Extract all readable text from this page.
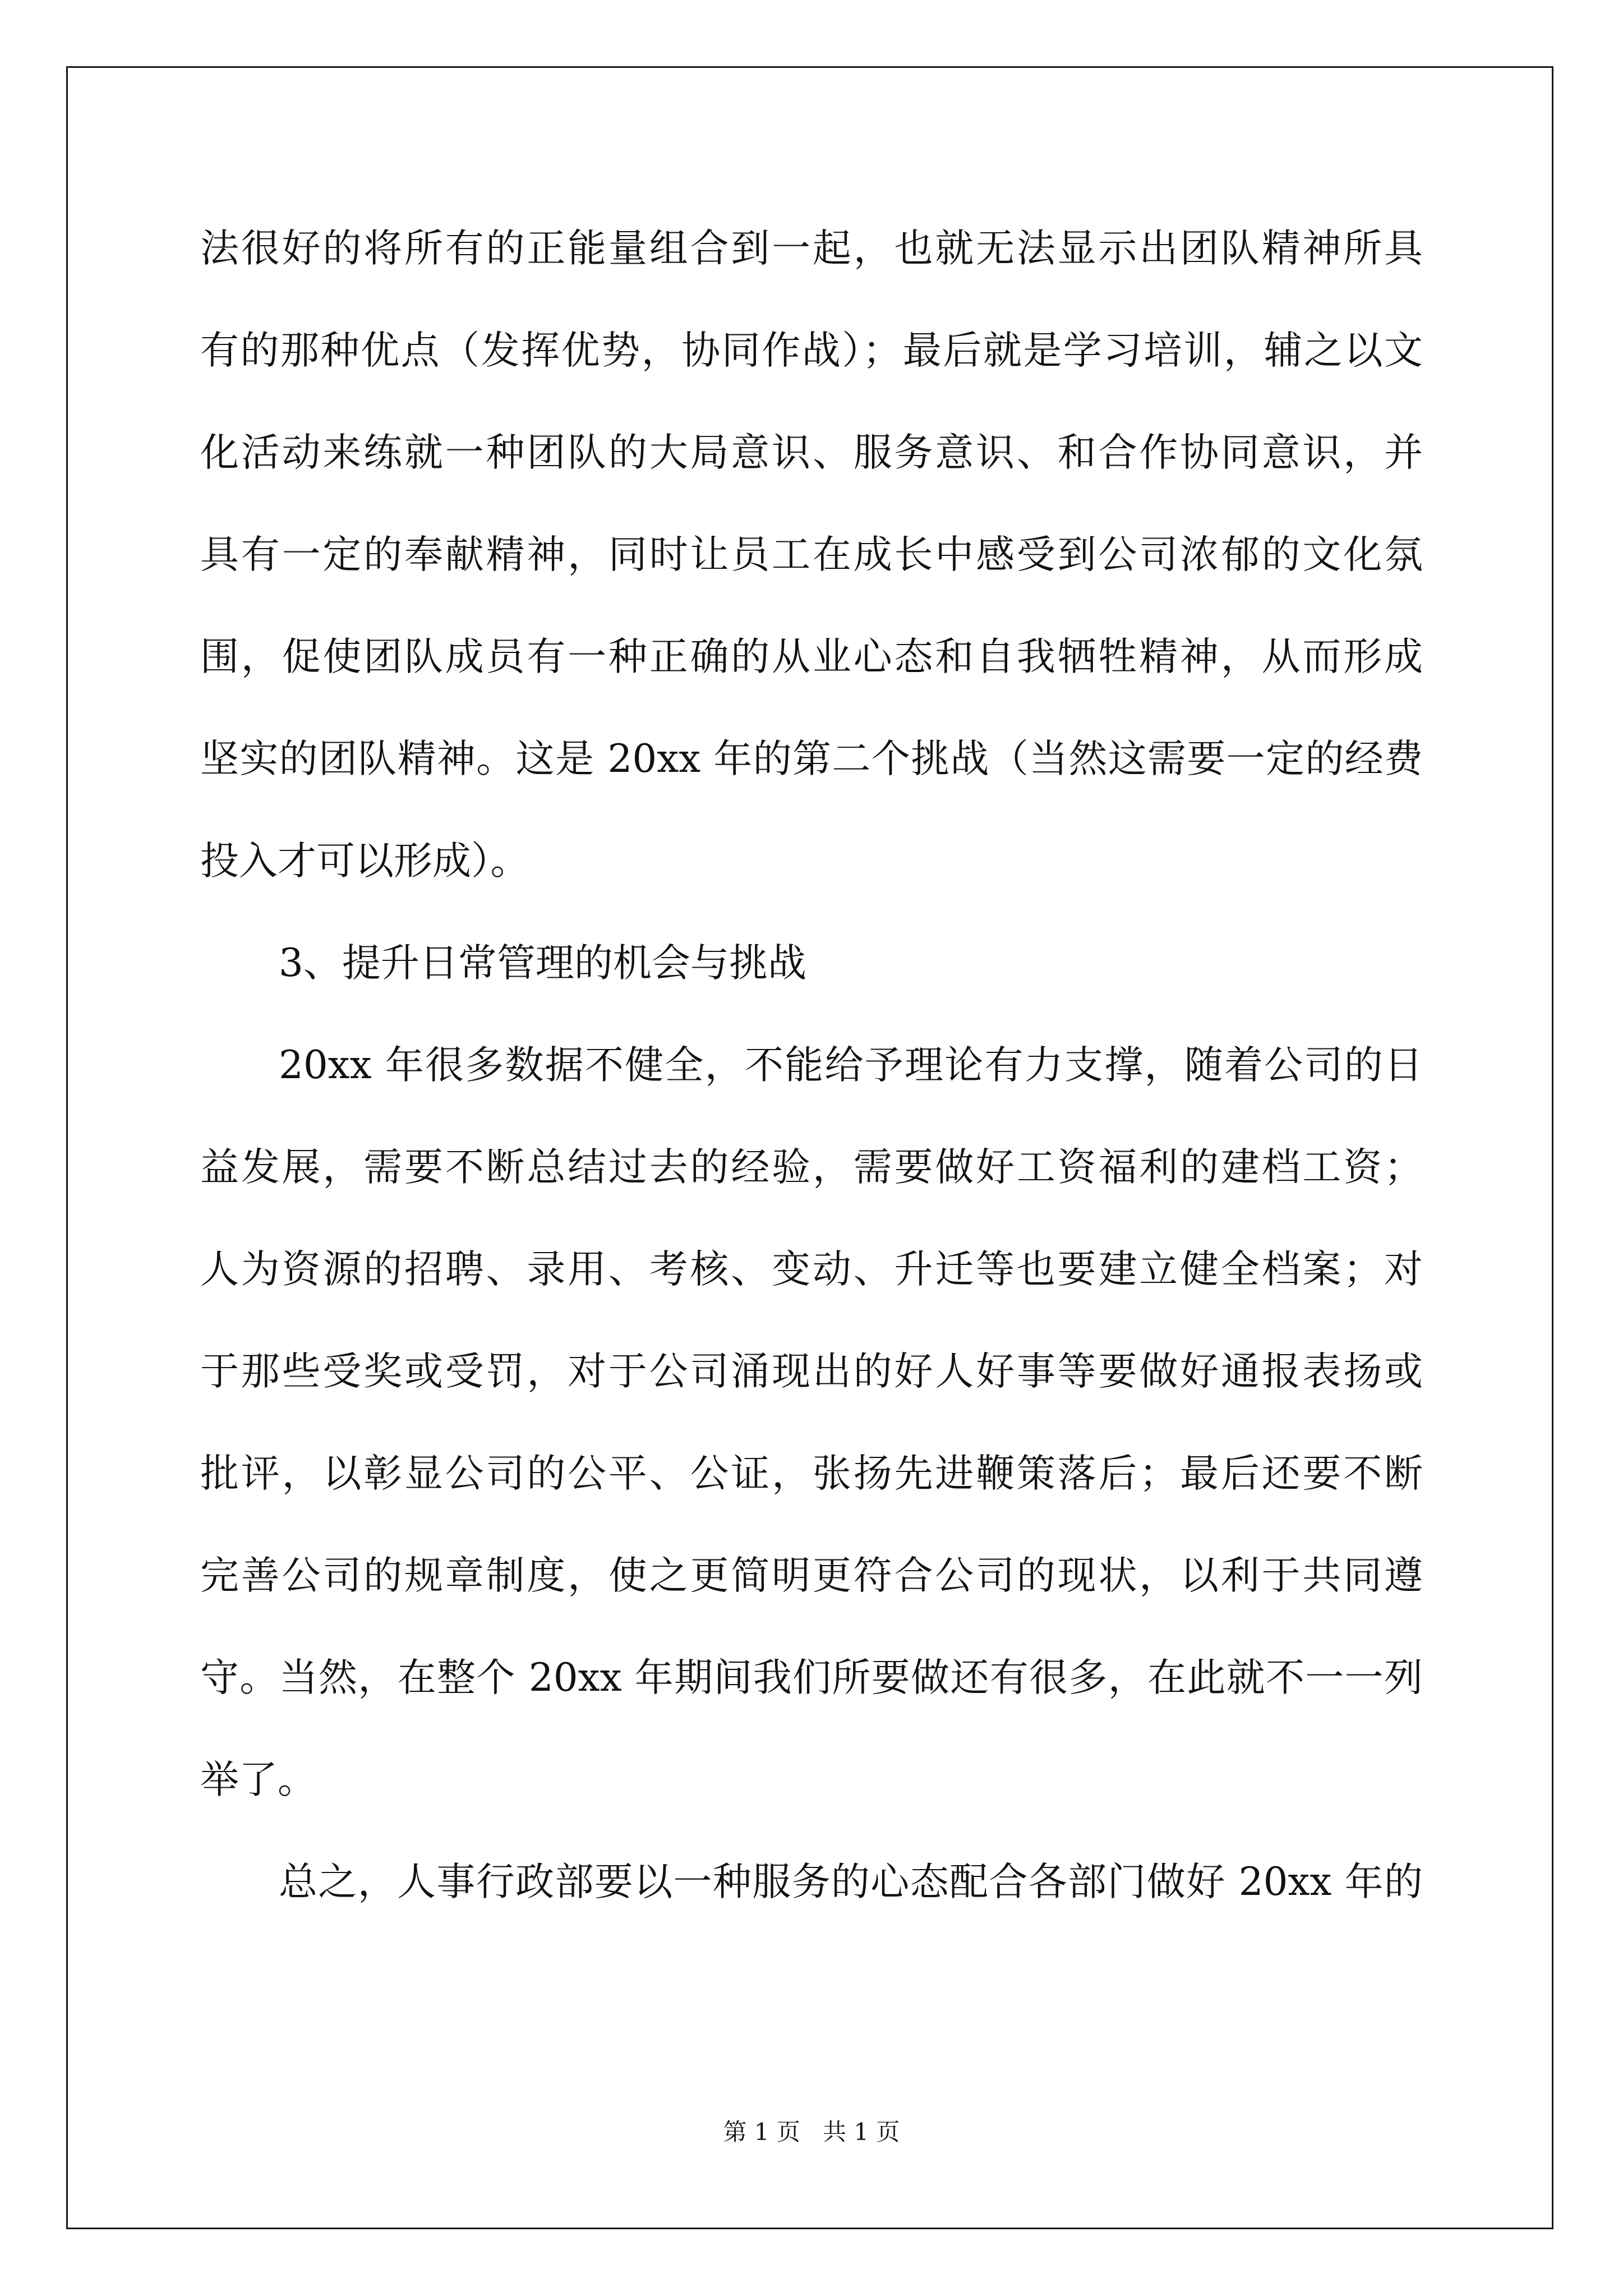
法很好的将所有的正能量组合到一起，也就无法显示出团队精神所具
有的那种优点（发挥优势，协同作战）；最后就是学习培训，辅之以文
化活动来练就一种团队的大局意识、服务意识、和合作协同意识，并
具有一定的奉献精神，同时让员工在成长中感受到公司浓郁的文化氛
围，促使团队成员有一种正确的从业心态和自我牺牲精神，从而形成
坚实的团队精神。这是 20xx 年的第二个挑战（当然这需要一定的经费
投入才可以形成）。
3、提升日常管理的机会与挑战
20xx 年很多数据不健全，不能给予理论有力支撑，随着公司的日
益发展，需要不断总结过去的经验，需要做好工资福利的建档工资；
人为资源的招聘、录用、考核、变动、升迁等也要建立健全档案；对
于那些受奖或受罚，对于公司涌现出的好人好事等要做好通报表扬或
批评，以彰显公司的公平、公证，张扬先进鞭策落后；最后还要不断
完善公司的规章制度，使之更简明更符合公司的现状，以利于共同遵
守。当然，在整个 20xx 年期间我们所要做还有很多，在此就不一一列
举了。
总之，人事行政部要以一种服务的心态配合各部门做好 20xx 年的
第 1 页 共 1 页
